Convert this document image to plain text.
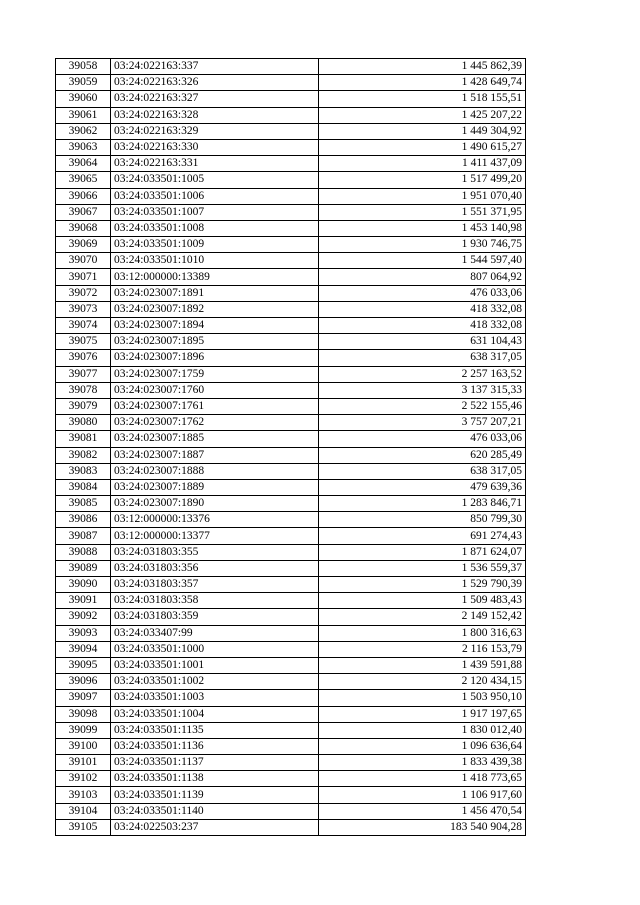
39058	03:24:022163:337	1 445 862,39
39059	03:24:022163:326	1 428 649,74
39060	03:24:022163:327	1 518 155,51
39061	03:24:022163:328	1 425 207,22
39062	03:24:022163:329	1 449 304,92
39063	03:24:022163:330	1 490 615,27
39064	03:24:022163:331	1 411 437,09
39065	03:24:033501:1005	1 517 499,20
39066	03:24:033501:1006	1 951 070,40
39067	03:24:033501:1007	1 551 371,95
39068	03:24:033501:1008	1 453 140,98
39069	03:24:033501:1009	1 930 746,75
39070	03:24:033501:1010	1 544 597,40
39071	03:12:000000:13389	807 064,92
39072	03:24:023007:1891	476 033,06
39073	03:24:023007:1892	418 332,08
39074	03:24:023007:1894	418 332,08
39075	03:24:023007:1895	631 104,43
39076	03:24:023007:1896	638 317,05
39077	03:24:023007:1759	2 257 163,52
39078	03:24:023007:1760	3 137 315,33
39079	03:24:023007:1761	2 522 155,46
39080	03:24:023007:1762	3 757 207,21
39081	03:24:023007:1885	476 033,06
39082	03:24:023007:1887	620 285,49
39083	03:24:023007:1888	638 317,05
39084	03:24:023007:1889	479 639,36
39085	03:24:023007:1890	1 283 846,71
39086	03:12:000000:13376	850 799,30
39087	03:12:000000:13377	691 274,43
39088	03:24:031803:355	1 871 624,07
39089	03:24:031803:356	1 536 559,37
39090	03:24:031803:357	1 529 790,39
39091	03:24:031803:358	1 509 483,43
39092	03:24:031803:359	2 149 152,42
39093	03:24:033407:99	1 800 316,63
39094	03:24:033501:1000	2 116 153,79
39095	03:24:033501:1001	1 439 591,88
39096	03:24:033501:1002	2 120 434,15
39097	03:24:033501:1003	1 503 950,10
39098	03:24:033501:1004	1 917 197,65
39099	03:24:033501:1135	1 830 012,40
39100	03:24:033501:1136	1 096 636,64
39101	03:24:033501:1137	1 833 439,38
39102	03:24:033501:1138	1 418 773,65
39103	03:24:033501:1139	1 106 917,60
39104	03:24:033501:1140	1 456 470,54
39105	03:24:022503:237	183 540 904,28
